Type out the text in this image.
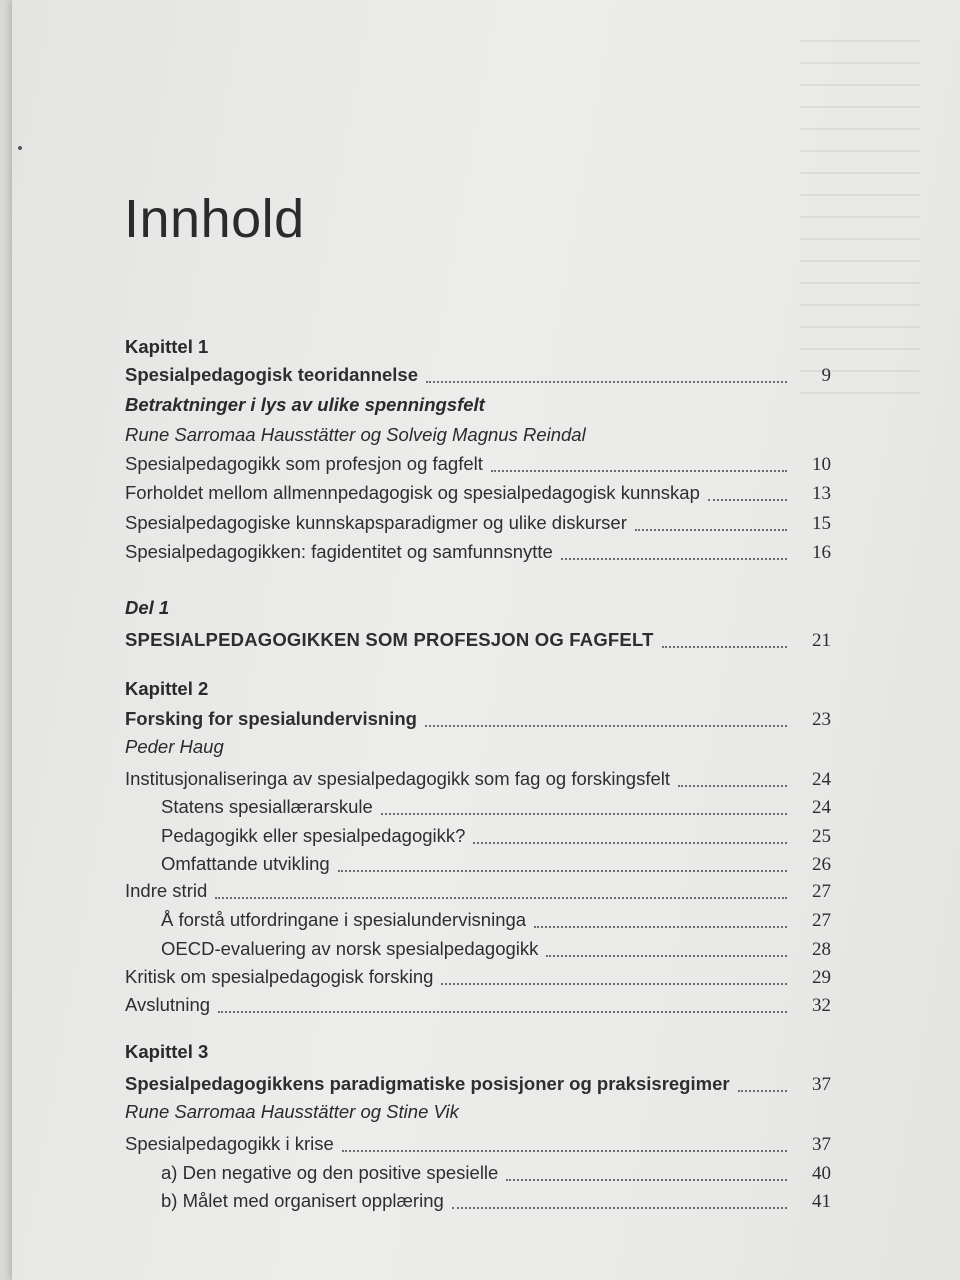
Innhold
Kapittel 1
Spesialpedagogisk teoridannelse	9
Betraktninger i lys av ulike spenningsfelt
Rune Sarromaa Hausstätter og Solveig Magnus Reindal
Spesialpedagogikk som profesjon og fagfelt	10
Forholdet mellom allmennpedagogisk og spesialpedagogisk kunnskap	13
Spesialpedagogiske kunnskapsparadigmer og ulike diskurser	15
Spesialpedagogikken: fagidentitet og samfunnsnytte	16
Del 1
SPESIALPEDAGOGIKKEN SOM PROFESJON OG FAGFELT	21
Kapittel 2
Forsking for spesialundervisning	23
Peder Haug
Institusjonaliseringa av spesialpedagogikk som fag og forskingsfelt	24
Statens spesiallærarskule	24
Pedagogikk eller spesialpedagogikk?	25
Omfattande utvikling	26
Indre strid	27
Å forstå utfordringane i spesialundervisninga	27
OECD-evaluering av norsk spesialpedagogikk	28
Kritisk om spesialpedagogisk forsking	29
Avslutning	32
Kapittel 3
Spesialpedagogikkens paradigmatiske posisjoner og praksisregimer	37
Rune Sarromaa Hausstätter og Stine Vik
Spesialpedagogikk i krise	37
a) Den negative og den positive spesielle	40
b) Målet med organisert opplæring	41
